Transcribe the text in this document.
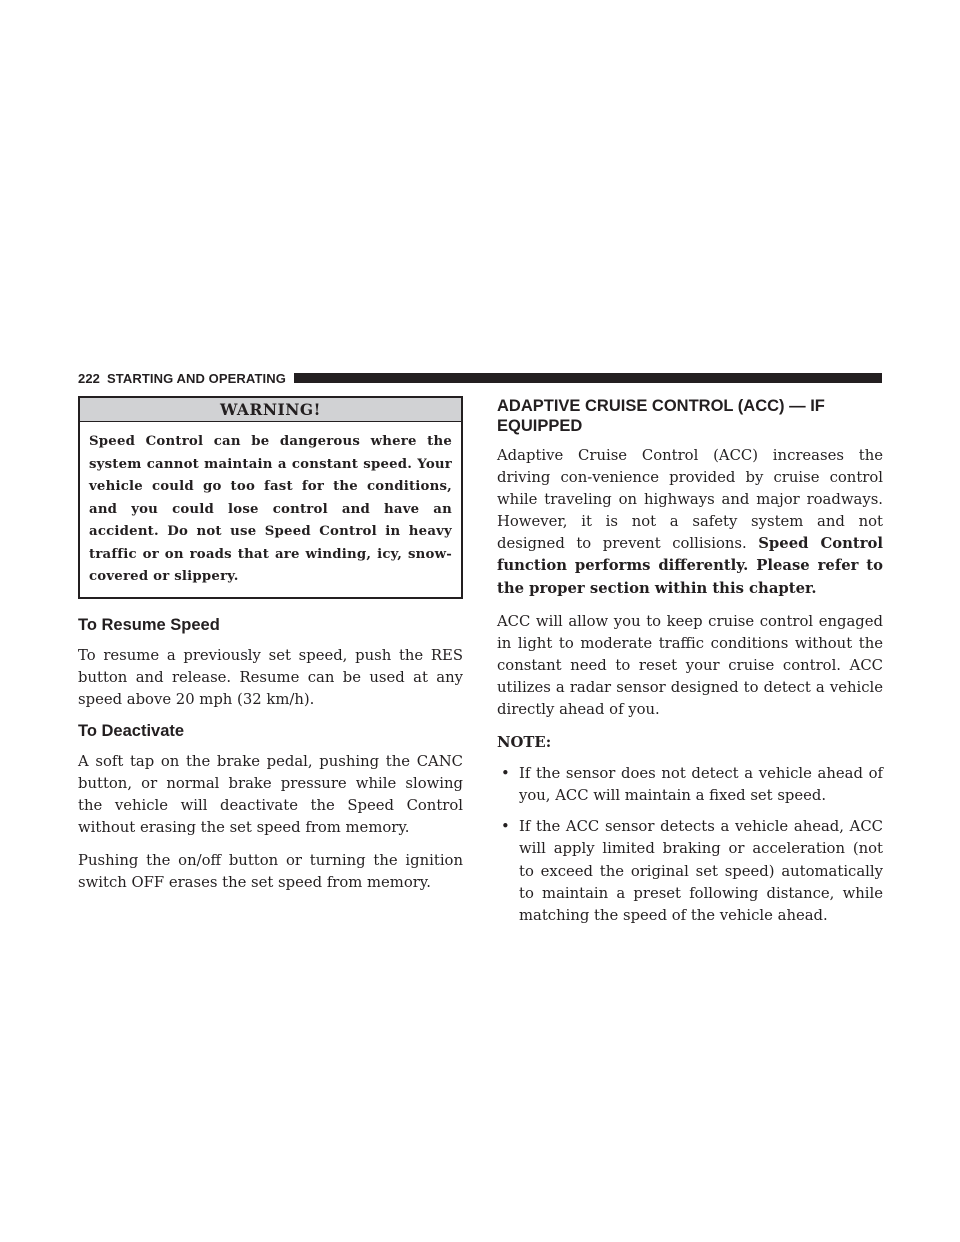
222 STARTING AND OPERATING
WARNING!
Speed Control can be dangerous where the system cannot maintain a constant speed. Your vehicle could go too fast for the conditions, and you could lose control and have an accident. Do not use Speed Control in heavy traffic or on roads that are winding, icy, snow-covered or slippery.
To Resume Speed

To resume a previously set speed, push the RES button and release. Resume can be used at any speed above 20 mph (32 km/h).

To Deactivate

A soft tap on the brake pedal, pushing the CANC button, or normal brake pressure while slowing the vehicle will deactivate the Speed Control without erasing the set speed from memory.

Pushing the on/off button or turning the ignition switch OFF erases the set speed from memory.

ADAPTIVE CRUISE CONTROL (ACC) — IF EQUIPPED

Adaptive Cruise Control (ACC) increases the driving con-venience provided by cruise control while traveling on highways and major roadways. However, it is not a safety system and not designed to prevent collisions. Speed Control function performs differently. Please refer to the proper section within this chapter.

ACC will allow you to keep cruise control engaged in light to moderate traffic conditions without the constant need to reset your cruise control. ACC utilizes a radar sensor designed to detect a vehicle directly ahead of you.

NOTE:
• If the sensor does not detect a vehicle ahead of you, ACC will maintain a fixed set speed.
• If the ACC sensor detects a vehicle ahead, ACC will apply limited braking or acceleration (not to exceed the original set speed) automatically to maintain a preset following distance, while matching the speed of the vehicle ahead.
